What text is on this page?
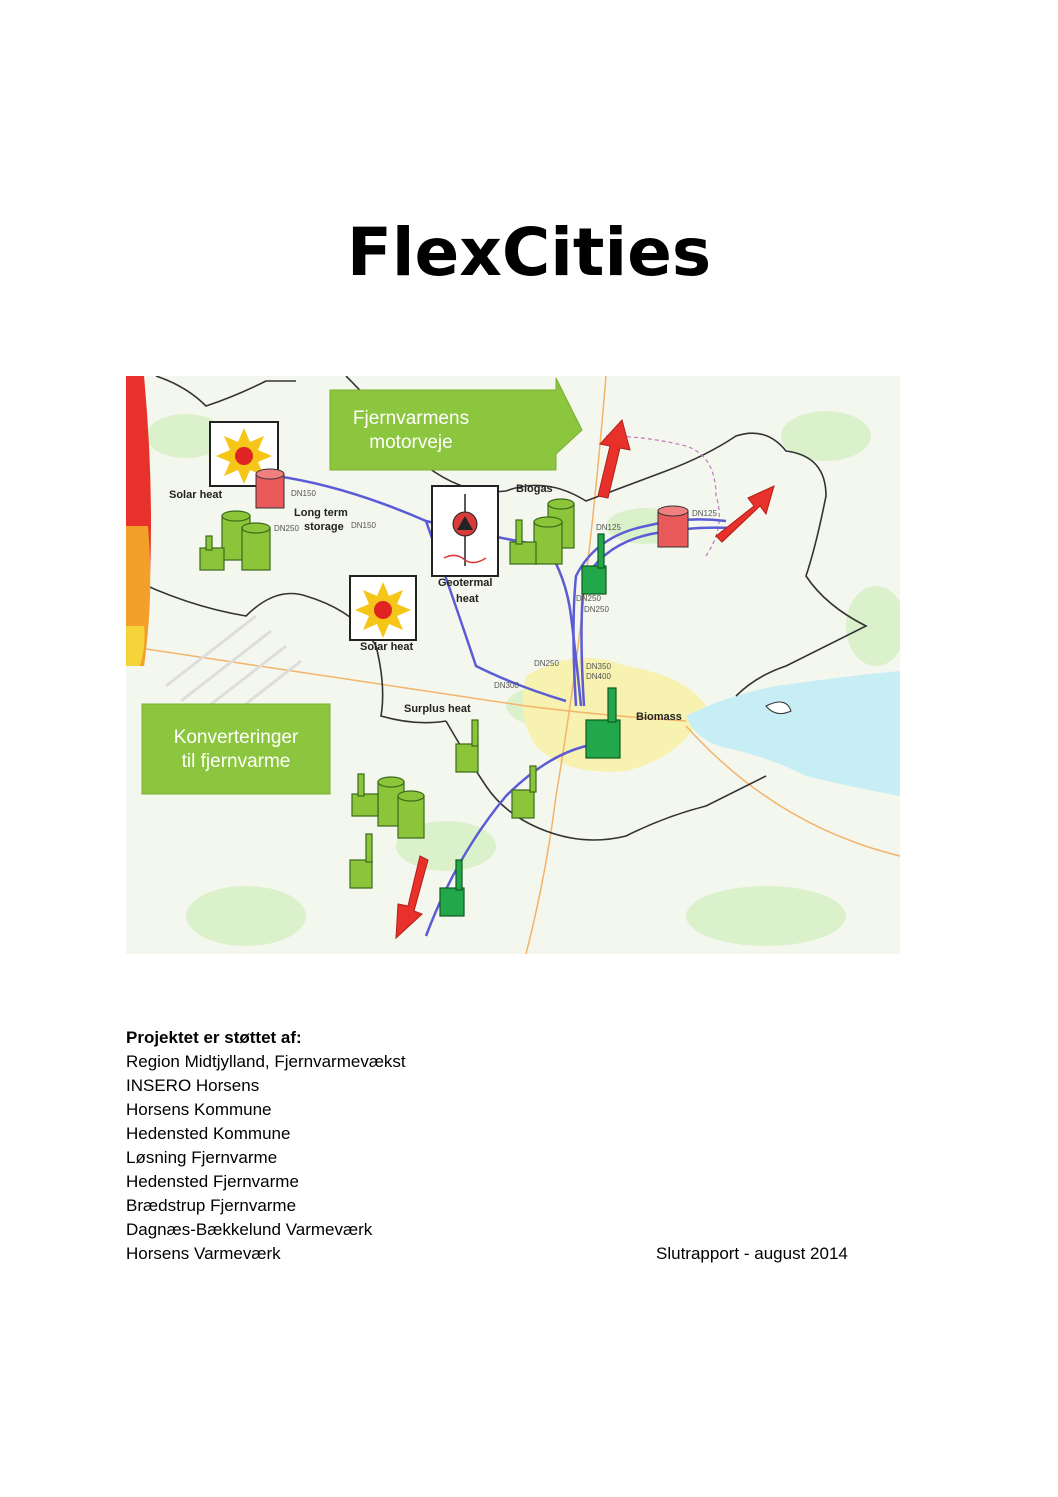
FlexCities
DN150
DN250	DN150	DN125
DN125
DN250
DN250
DN250	DN350
DN400
DN300
Fjernvarmens
motorveje
Konverteringer
til fjernvarme
Solar heat
Long term
storage
Geotermal
heat
Biogas
Solar heat
Surplus heat
Biomass
Projektet er støttet af:
Region Midtjylland, Fjernvarmevækst
INSERO Horsens
Horsens Kommune
Hedensted Kommune
Løsning Fjernvarme
Hedensted Fjernvarme
Brædstrup Fjernvarme
Dagnæs-Bækkelund Varmeværk
Horsens Varmeværk	Slutrapport - august 2014
